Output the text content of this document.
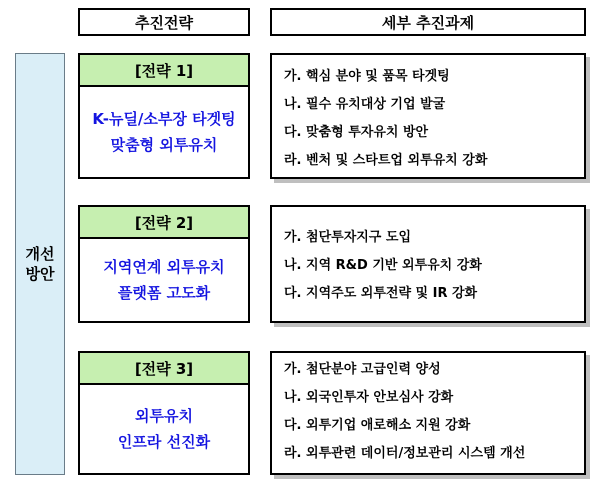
추진전략	세부 추진과제
개선방안
[전략 1]
K-뉴딜/소부장 타겟팅
맞춤형 외투유치
가. 핵심 분야 및 품목 타겟팅
나. 필수 유치대상 기업 발굴
다. 맞춤형 투자유치 방안
라. 벤처 및 스타트업 외투유치 강화
[전략 2]
지역연계 외투유치
플랫폼 고도화
가. 첨단투자지구 도입
나. 지역 R&D 기반 외투유치 강화
다. 지역주도 외투전략 및 IR 강화
[전략 3]
외투유치
인프라 선진화
가. 첨단분야 고급인력 양성
나. 외국인투자 안보심사 강화
다. 외투기업 애로해소 지원 강화
라. 외투관련 데이터/정보관리 시스템 개선
